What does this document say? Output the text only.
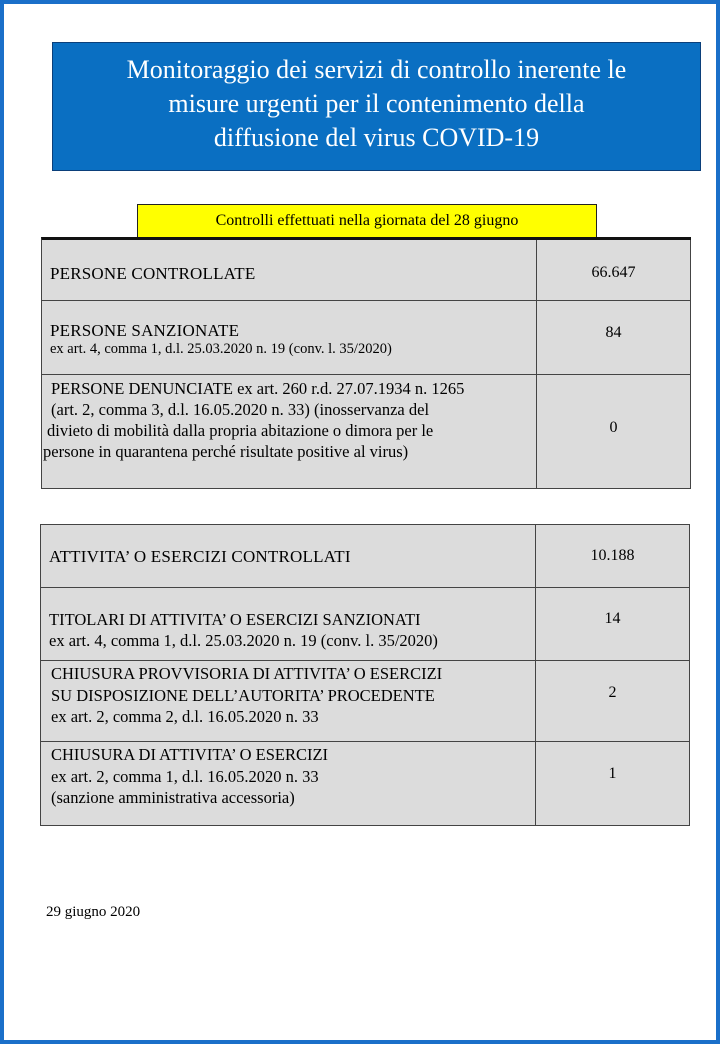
Monitoraggio dei servizi di controllo inerente le
misure urgenti per il contenimento della
diffusione del virus COVID-19
Controlli effettuati nella giornata del 28 giugno
PERSONE CONTROLLATE	66.647
PERSONE SANZIONATE
ex art. 4, comma 1, d.l. 25.03.2020 n. 19 (conv. l. 35/2020)
84
PERSONE DENUNCIATE ex art. 260 r.d. 27.07.1934 n. 1265
(art. 2, comma 3, d.l. 16.05.2020 n. 33) (inosservanza del
divieto di mobilità dalla propria abitazione o dimora per le
persone in quarantena perché risultate positive al virus)
0
ATTIVITA’ O ESERCIZI CONTROLLATI	10.188
TITOLARI DI ATTIVITA’ O ESERCIZI SANZIONATI
ex art. 4, comma 1, d.l. 25.03.2020 n. 19 (conv. l. 35/2020)
14
CHIUSURA PROVVISORIA DI ATTIVITA’ O ESERCIZI
SU DISPOSIZIONE DELL’AUTORITA’ PROCEDENTE
ex art. 2, comma 2, d.l. 16.05.2020 n. 33
2
CHIUSURA DI ATTIVITA’ O ESERCIZI
ex art. 2, comma 1, d.l. 16.05.2020 n. 33
(sanzione amministrativa accessoria)
1
29 giugno 2020
